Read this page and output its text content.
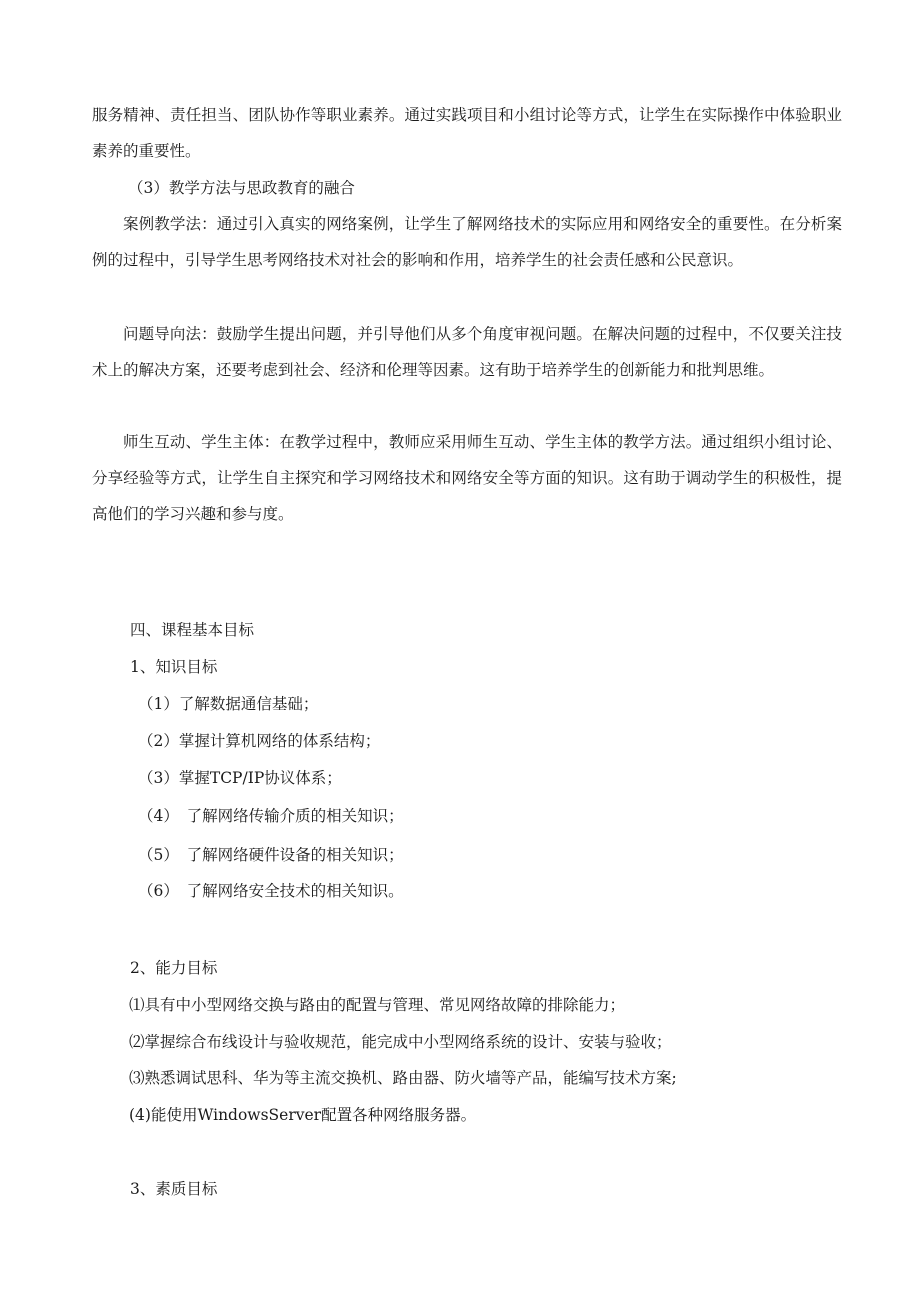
服务精神、责任担当、团队协作等职业素养。通过实践项目和小组讨论等方式，让学生在实际操作中体验职业素养的重要性。

（3）教学方法与思政教育的融合

案例教学法：通过引入真实的网络案例，让学生了解网络技术的实际应用和网络安全的重要性。在分析案例的过程中，引导学生思考网络技术对社会的影响和作用，培养学生的社会责任感和公民意识。

问题导向法：鼓励学生提出问题，并引导他们从多个角度审视问题。在解决问题的过程中，不仅要关注技术上的解决方案，还要考虑到社会、经济和伦理等因素。这有助于培养学生的创新能力和批判思维。

师生互动、学生主体：在教学过程中，教师应采用师生互动、学生主体的教学方法。通过组织小组讨论、分享经验等方式，让学生自主探究和学习网络技术和网络安全等方面的知识。这有助于调动学生的积极性，提高他们的学习兴趣和参与度。

四、课程基本目标
1、知识目标
（1）了解数据通信基础；
（2）掌握计算机网络的体系结构；
（3）掌握TCP/IP协议体系；
（4）　了解网络传输介质的相关知识；
（5）　了解网络硬件设备的相关知识；
（6）　了解网络安全技术的相关知识。
2、能力目标
⑴具有中小型网络交换与路由的配置与管理、常见网络故障的排除能力；
⑵掌握综合布线设计与验收规范，能完成中小型网络系统的设计、安装与验收；
⑶熟悉调试思科、华为等主流交换机、路由器、防火墙等产品，能编写技术方案;
(4)能使用WindowsServer配置各种网络服务器。
3、素质目标
